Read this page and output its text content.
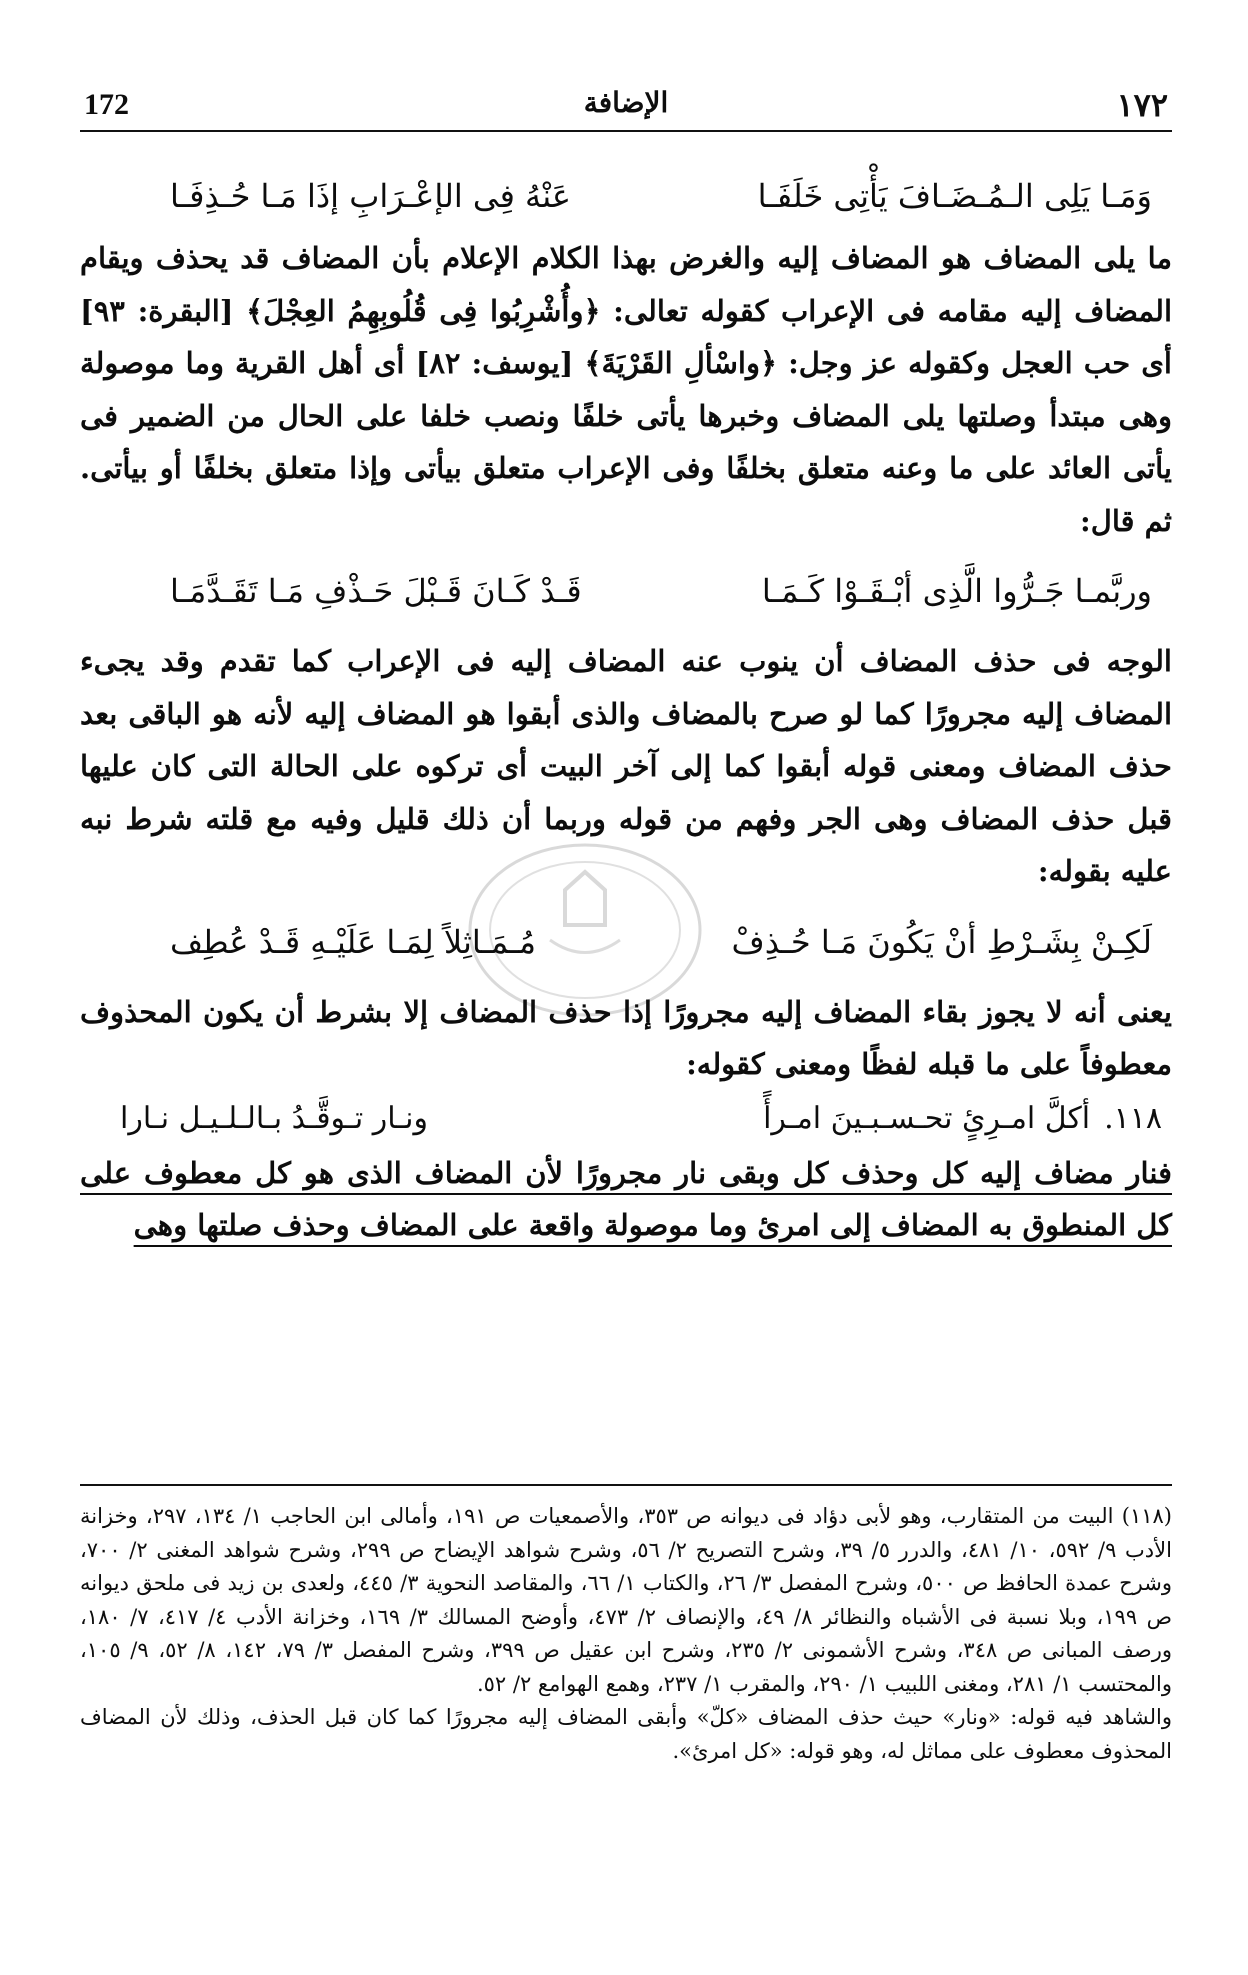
172	الإضافة	١٧٢
وَمَـا يَلِى الـمُـضَـافَ يَأْتِى خَلَفَـا
عَنْهُ فِى الإعْـرَابِ إذَا مَـا حُـذِفَـا

ما يلى المضاف هو المضاف إليه والغرض بهذا الكلام الإعلام بأن المضاف قد يحذف ويقام المضاف إليه مقامه فى الإعراب كقوله تعالى: ﴿وأُشْرِبُوا فِى قُلُوبِهِمُ العِجْلَ﴾ [البقرة: ٩٣] أى حب العجل وكقوله عز وجل: ﴿واسْألِ القَرْيَةَ﴾ [يوسف: ٨٢] أى أهل القرية وما موصولة وهى مبتدأ وصلتها يلى المضاف وخبرها يأتى خلفًا ونصب خلفا على الحال من الضمير فى يأتى العائد على ما وعنه متعلق بخلفًا وفى الإعراب متعلق بيأتى وإذا متعلق بخلفًا أو بيأتى. ثم قال:

وربَّمـا جَـرُّوا الَّذِى أبْـقَـوْا كَـمَـا
قَـدْ كَـانَ قَـبْلَ حَـذْفِ مَـا تَقَـدَّمَـا

الوجه فى حذف المضاف أن ينوب عنه المضاف إليه فى الإعراب كما تقدم وقد يجىء المضاف إليه مجرورًا كما لو صرح بالمضاف والذى أبقوا هو المضاف إليه لأنه هو الباقى بعد حذف المضاف ومعنى قوله أبقوا كما إلى آخر البيت أى تركوه على الحالة التى كان عليها قبل حذف المضاف وهى الجر وفهم من قوله وربما أن ذلك قليل وفيه مع قلته شرط نبه عليه بقوله:

لَكِـنْ بِشَـرْطِ أنْ يَكُونَ مَـا حُـذِفْ
مُـمَـاثِلاً لِمَـا عَلَيْـهِ قَـدْ عُطِف

يعنى أنه لا يجوز بقاء المضاف إليه مجرورًا إذا حذف المضاف إلا بشرط أن يكون المحذوف معطوفاً على ما قبله لفظًا ومعنى كقوله:

١١٨.
أكلَّ امـرِئٍ تحـسـبـينَ امـرأً
ونـار تـوقَّـدُ بـالـلـيـل نـارا

فنار مضاف إليه كل وحذف كل وبقى نار مجرورًا لأن المضاف الذى هو كل معطوف على كل المنطوق به المضاف إلى امرئ وما موصولة واقعة على المضاف وحذف صلتها وهى

(١١٨) البيت من المتقارب، وهو لأبى دؤاد فى ديوانه ص ٣٥٣، والأصمعيات ص ١٩١، وأمالى ابن الحاجب ١/ ١٣٤، ٢٩٧، وخزانة الأدب ٩/ ٥٩٢، ١٠/ ٤٨١، والدرر ٥/ ٣٩، وشرح التصريح ٢/ ٥٦، وشرح شواهد الإيضاح ص ٢٩٩، وشرح شواهد المغنى ٢/ ٧٠٠، وشرح عمدة الحافظ ص ٥٠٠، وشرح المفصل ٣/ ٢٦، والكتاب ١/ ٦٦، والمقاصد النحوية ٣/ ٤٤٥، ولعدى بن زيد فى ملحق ديوانه ص ١٩٩، وبلا نسبة فى الأشباه والنظائر ٨/ ٤٩، والإنصاف ٢/ ٤٧٣، وأوضح المسالك ٣/ ١٦٩، وخزانة الأدب ٤/ ٤١٧، ٧/ ١٨٠، ورصف المبانى ص ٣٤٨، وشرح الأشمونى ٢/ ٢٣٥، وشرح ابن عقيل ص ٣٩٩، وشرح المفصل ٣/ ٧٩، ١٤٢، ٨/ ٥٢، ٩/ ١٠٥، والمحتسب ١/ ٢٨١، ومغنى اللبيب ١/ ٢٩٠، والمقرب ١/ ٢٣٧، وهمع الهوامع ٢/ ٥٢.

والشاهد فيه قوله: «ونار» حيث حذف المضاف «كلّ» وأبقى المضاف إليه مجرورًا كما كان قبل الحذف، وذلك لأن المضاف المحذوف معطوف على مماثل له، وهو قوله: «كل امرئ».
